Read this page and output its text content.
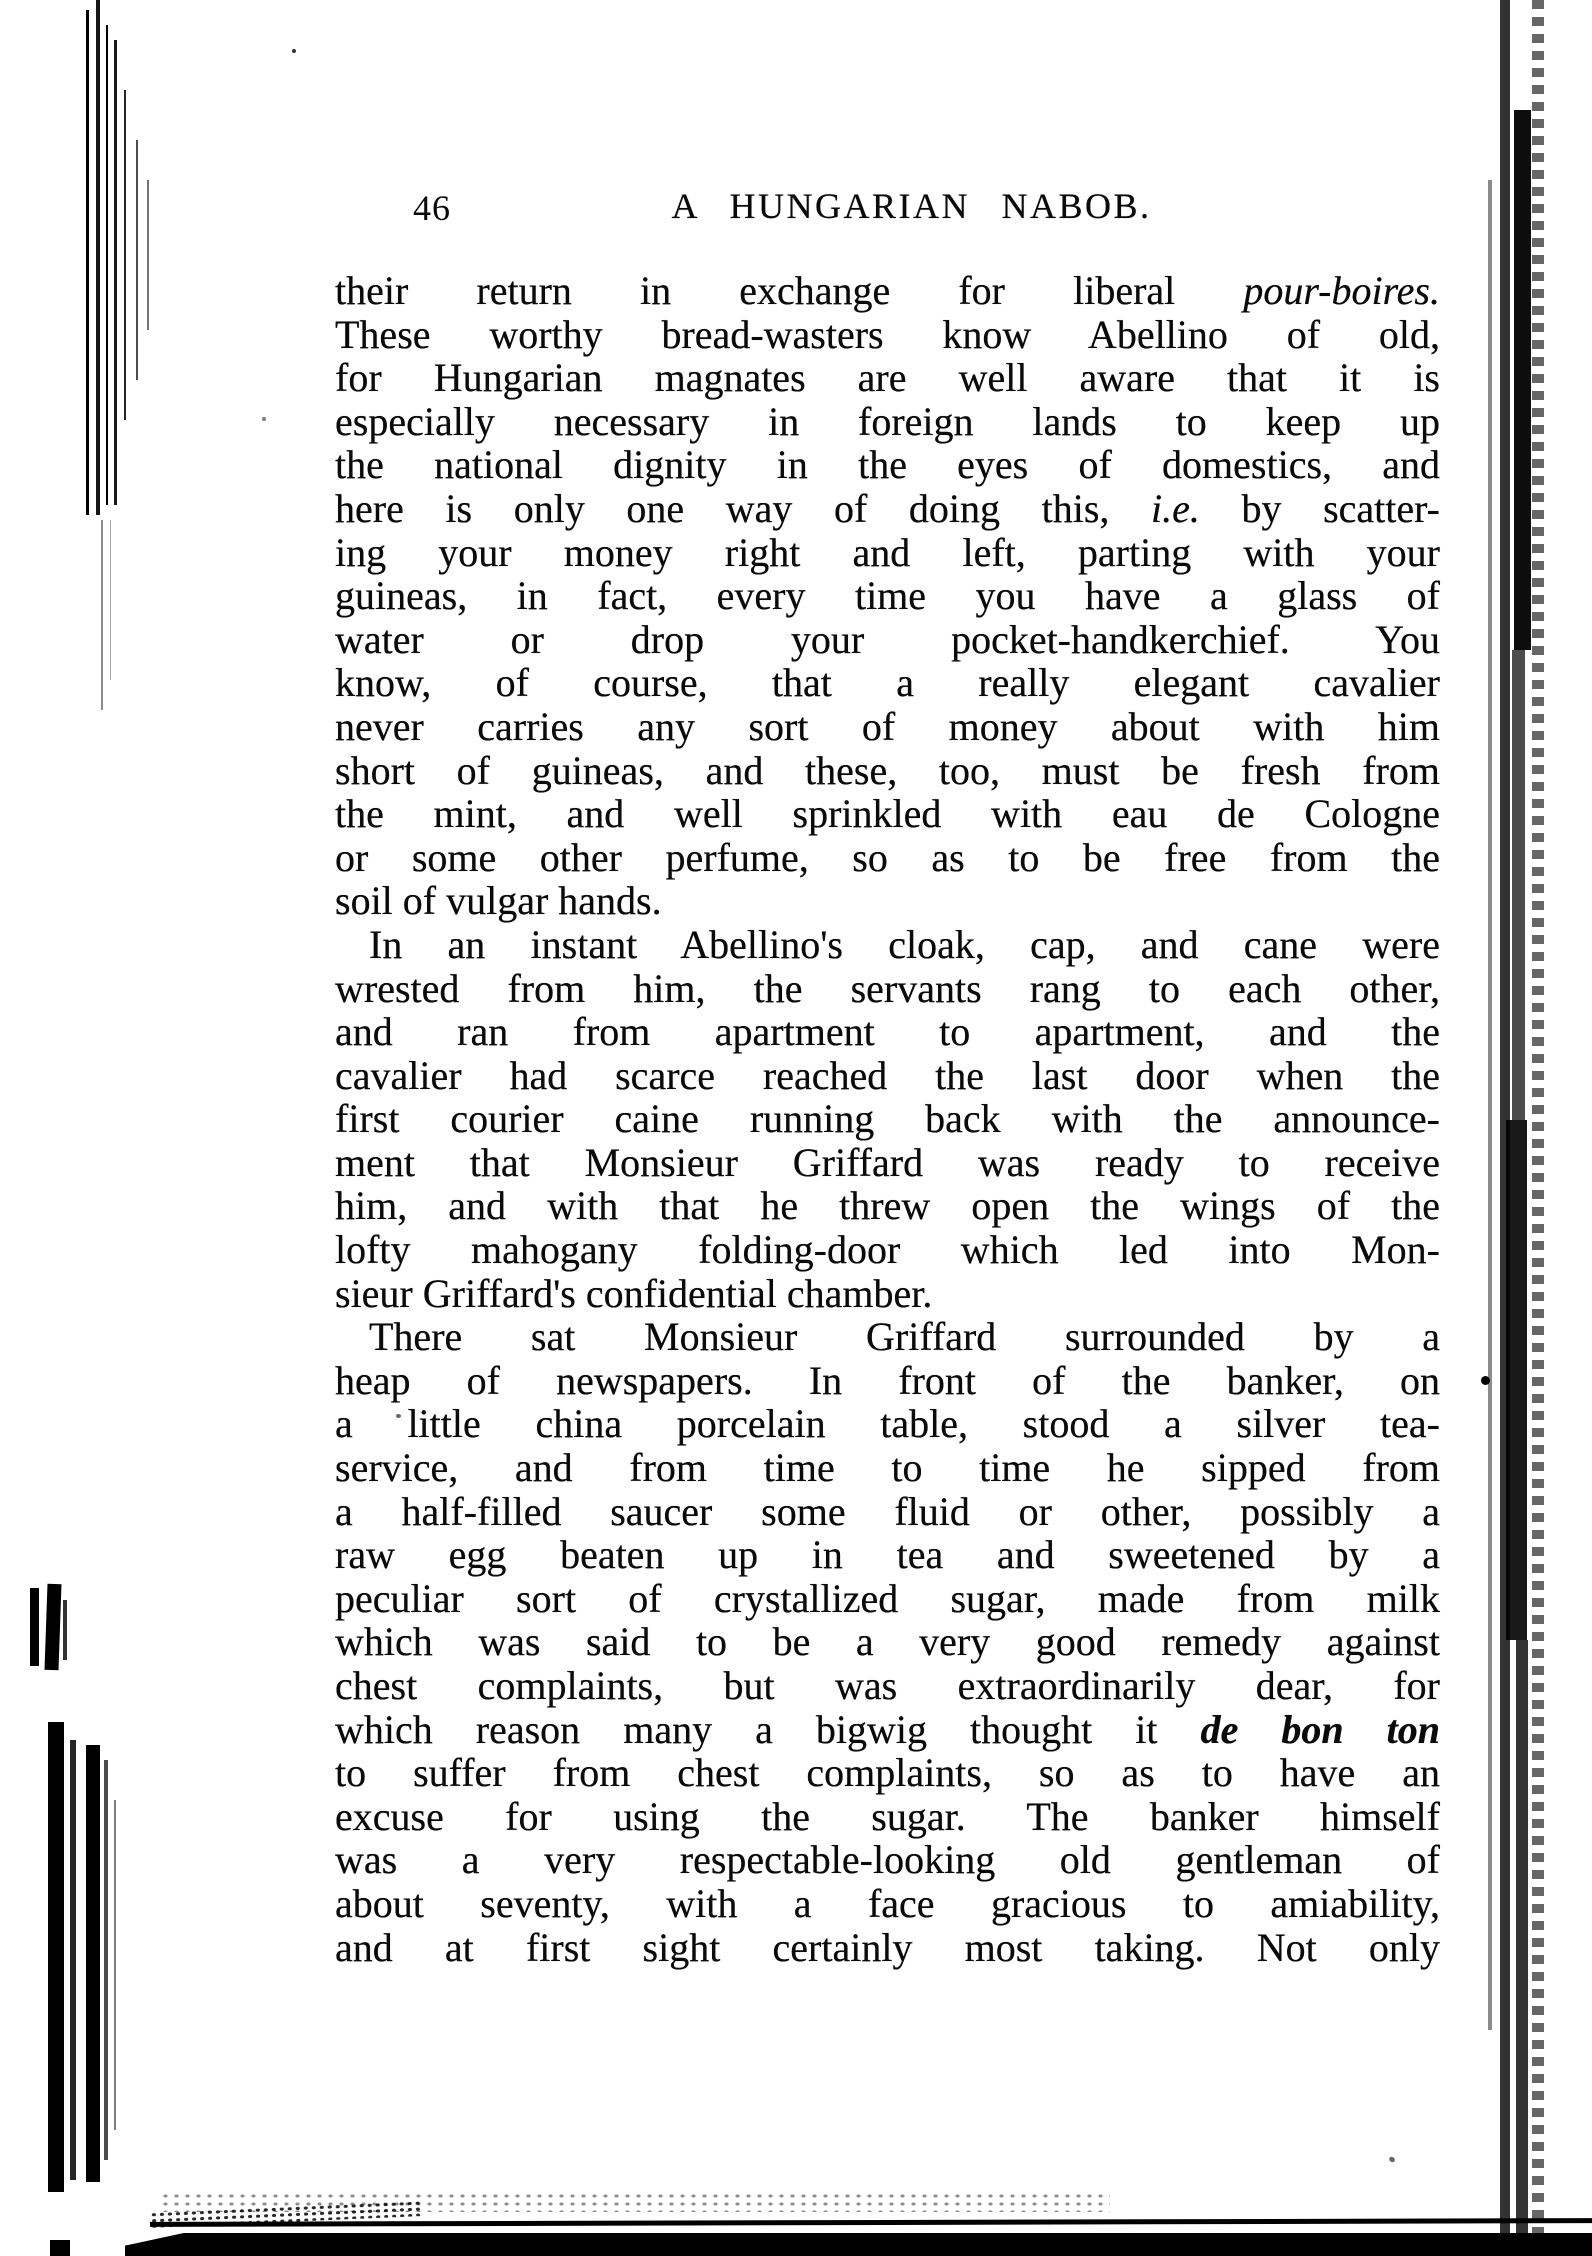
46	A HUNGARIAN NABOB.
their return in exchange for liberal pour-boires.
These worthy bread-wasters know Abellino of old,
for Hungarian magnates are well aware that it is
especially necessary in foreign lands to keep up
the national dignity in the eyes of domestics, and
here is only one way of doing this, i.e. by scatter-
ing your money right and left, parting with your
guineas, in fact, every time you have a glass of
water or drop your pocket-handkerchief. You
know, of course, that a really elegant cavalier
never carries any sort of money about with him
short of guineas, and these, too, must be fresh from
the mint, and well sprinkled with eau de Cologne
or some other perfume, so as to be free from the
soil of vulgar hands.
In an instant Abellino's cloak, cap, and cane were
wrested from him, the servants rang to each other,
and ran from apartment to apartment, and the
cavalier had scarce reached the last door when the
first courier caine running back with the announce-
ment that Monsieur Griffard was ready to receive
him, and with that he threw open the wings of the
lofty mahogany folding-door which led into Mon-
sieur Griffard's confidential chamber.
There sat Monsieur Griffard surrounded by a
heap of newspapers. In front of the banker, on
a little china porcelain table, stood a silver tea-
service, and from time to time he sipped from
a half-filled saucer some fluid or other, possibly a
raw egg beaten up in tea and sweetened by a
peculiar sort of crystallized sugar, made from milk
which was said to be a very good remedy against
chest complaints, but was extraordinarily dear, for
which reason many a bigwig thought it de bon ton
to suffer from chest complaints, so as to have an
excuse for using the sugar. The banker himself
was a very respectable-looking old gentleman of
about seventy, with a face gracious to amiability,
and at first sight certainly most taking. Not only
